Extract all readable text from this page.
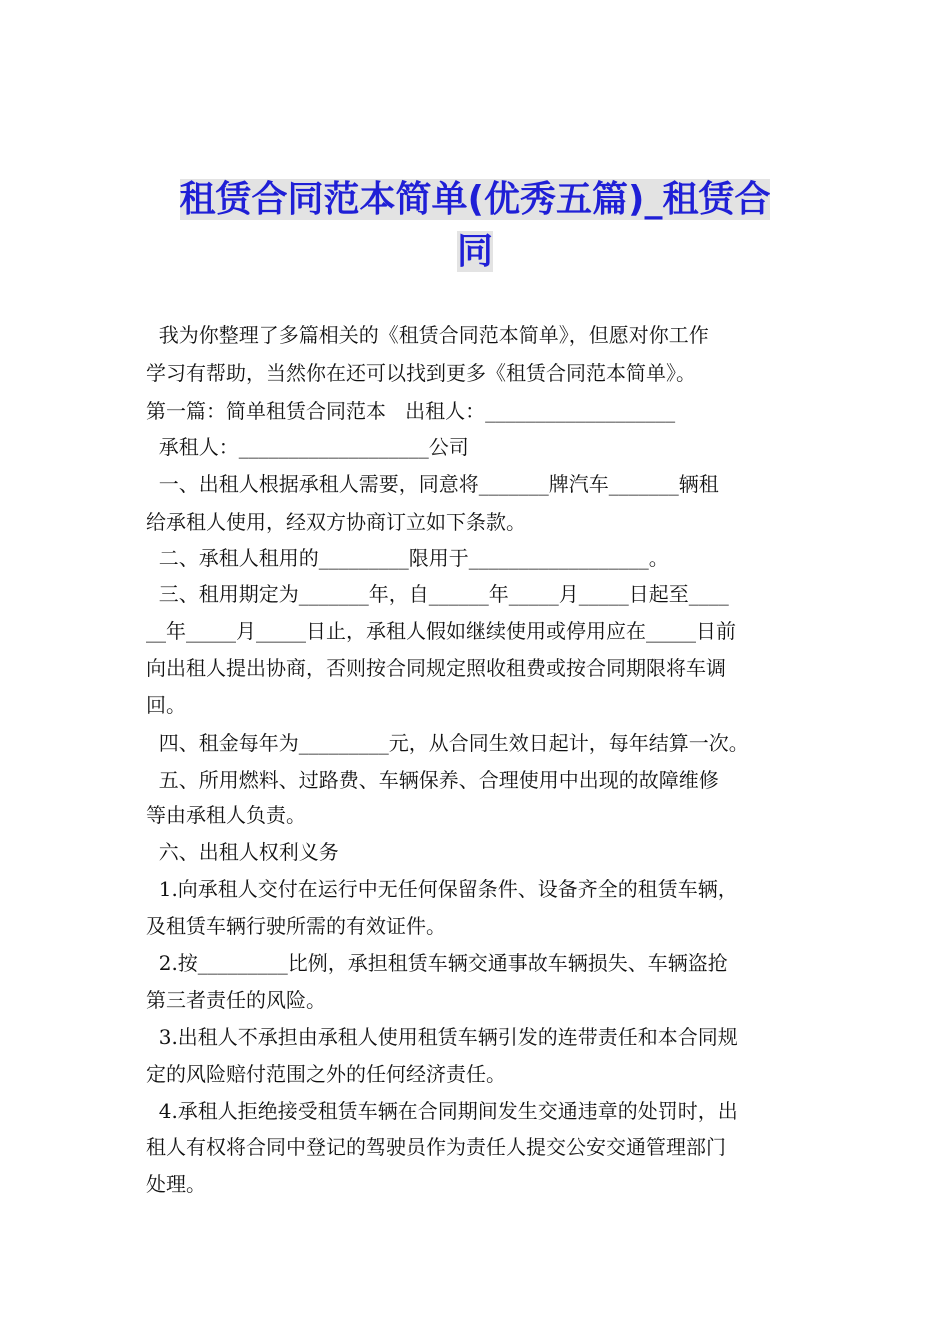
租赁合同范本简单(优秀五篇)_租赁合
同
我为你整理了多篇相关的《租赁合同范本简单》，但愿对你工作
学习有帮助，当然你在还可以找到更多《租赁合同范本简单》。
第一篇：简单租赁合同范本   出租人：___________________
承租人：___________________公司
一、出租人根据承租人需要，同意将_______牌汽车_______辆租
给承租人使用，经双方协商订立如下条款。
二、承租人租用的_________限用于__________________。
三、租用期定为_______年，自______年_____月_____日起至____
__年_____月_____日止，承租人假如继续使用或停用应在_____日前
向出租人提出协商，否则按合同规定照收租费或按合同期限将车调
回。
四、租金每年为_________元，从合同生效日起计，每年结算一次。
五、所用燃料、过路费、车辆保养、合理使用中出现的故障维修
等由承租人负责。
六、出租人权利义务
1.向承租人交付在运行中无任何保留条件、设备齐全的租赁车辆，
及租赁车辆行驶所需的有效证件。
2.按_________比例，承担租赁车辆交通事故车辆损失、车辆盗抢
第三者责任的风险。
3.出租人不承担由承租人使用租赁车辆引发的连带责任和本合同规
定的风险赔付范围之外的任何经济责任。
4.承租人拒绝接受租赁车辆在合同期间发生交通违章的处罚时，出
租人有权将合同中登记的驾驶员作为责任人提交公安交通管理部门
处理。
